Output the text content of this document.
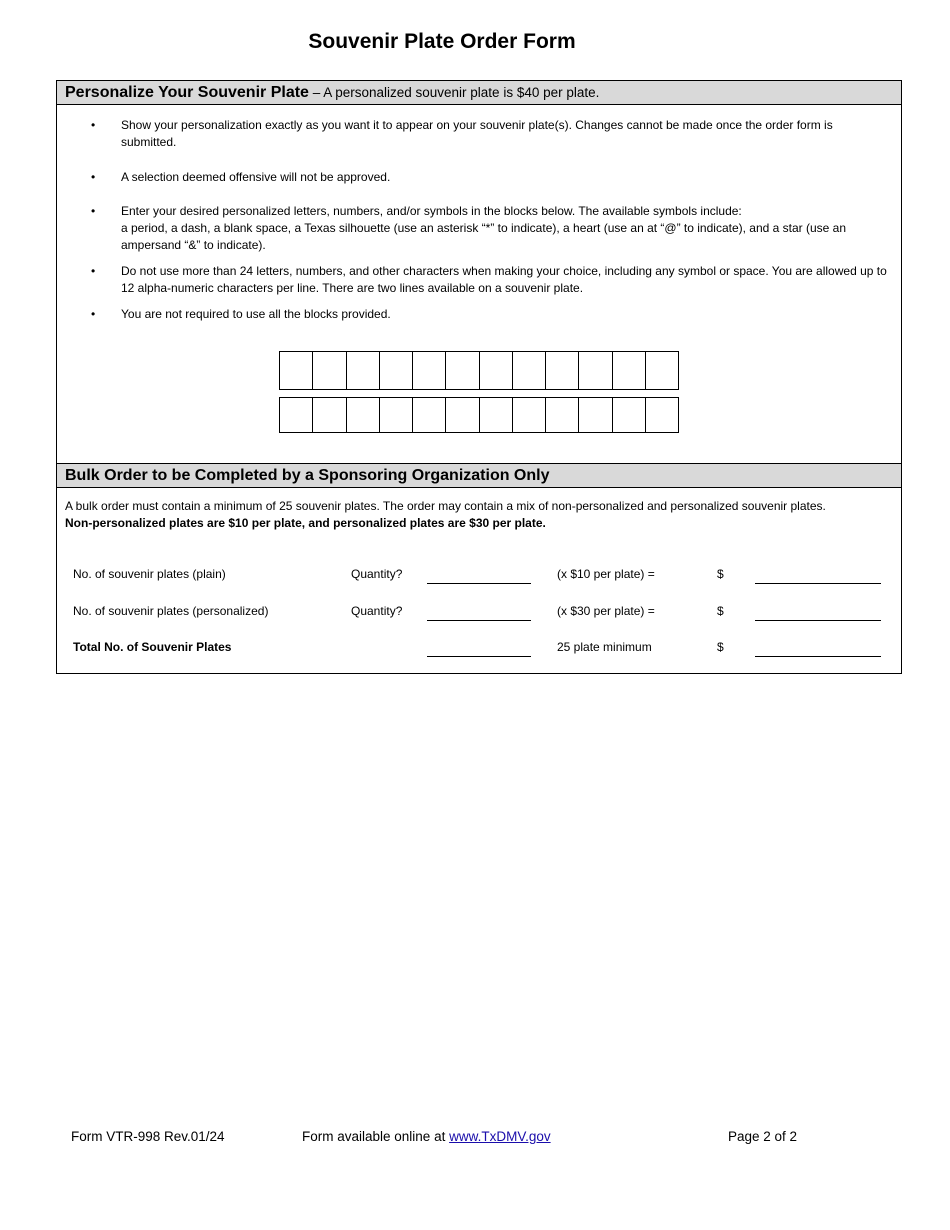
Souvenir Plate Order Form
Personalize Your Souvenir Plate – A personalized souvenir plate is $40 per plate.
• Show your personalization exactly as you want it to appear on your souvenir plate(s). Changes cannot be made once the order form is submitted.
• A selection deemed offensive will not be approved.
• Enter your desired personalized letters, numbers, and/or symbols in the blocks below. The available symbols include:
a period, a dash, a blank space, a Texas silhouette (use an asterisk “*” to indicate), a heart (use an at “@” to indicate), and a star (use an ampersand “&” to indicate).
• Do not use more than 24 letters, numbers, and other characters when making your choice, including any symbol or space. You are allowed up to 12 alpha-numeric characters per line. There are two lines available on a souvenir plate.
• You are not required to use all the blocks provided.
Bulk Order to be Completed by a Sponsoring Organization Only
A bulk order must contain a minimum of 25 souvenir plates. The order may contain a mix of non-personalized and personalized souvenir plates.
Non-personalized plates are $10 per plate, and personalized plates are $30 per plate.
No. of souvenir plates (plain)	Quantity?	(x $10 per plate) =	$
No. of souvenir plates (personalized)	Quantity?	(x $30 per plate) =	$
Total No. of Souvenir Plates	25 plate minimum	$
Form VTR-998 Rev.01/24	Form available online at www.TxDMV.gov	Page 2 of 2
